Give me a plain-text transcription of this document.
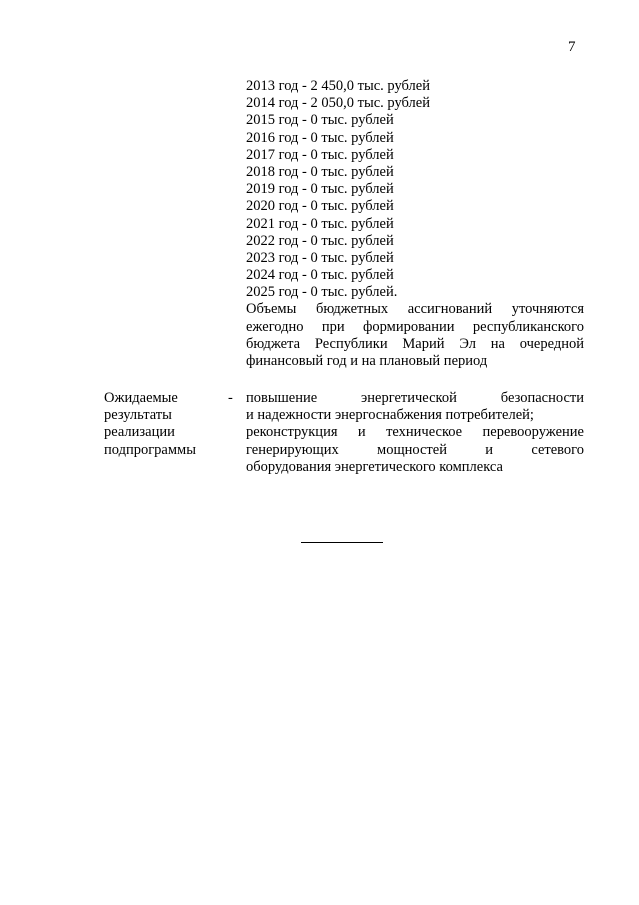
7
2013 год - 2 450,0 тыс. рублей
2014 год - 2 050,0 тыс. рублей
2015 год - 0 тыс. рублей
2016 год - 0 тыс. рублей
2017 год - 0 тыс. рублей
2018 год - 0 тыс. рублей
2019 год - 0 тыс. рублей
2020 год - 0 тыс. рублей
2021 год - 0 тыс. рублей
2022 год - 0 тыс. рублей
2023 год - 0 тыс. рублей
2024 год - 0 тыс. рублей
2025 год - 0 тыс. рублей.
Объемы бюджетных ассигнований уточняются
ежегодно при формировании республиканского
бюджета Республики Марий Эл на очередной
финансовый год и на плановый период
Ожидаемые
результаты
реализации
подпрограммы
- повышение энергетической безопасности
и надежности энергоснабжения потребителей;
реконструкция и техническое перевооружение
генерирующих мощностей и сетевого
оборудования энергетического комплекса
